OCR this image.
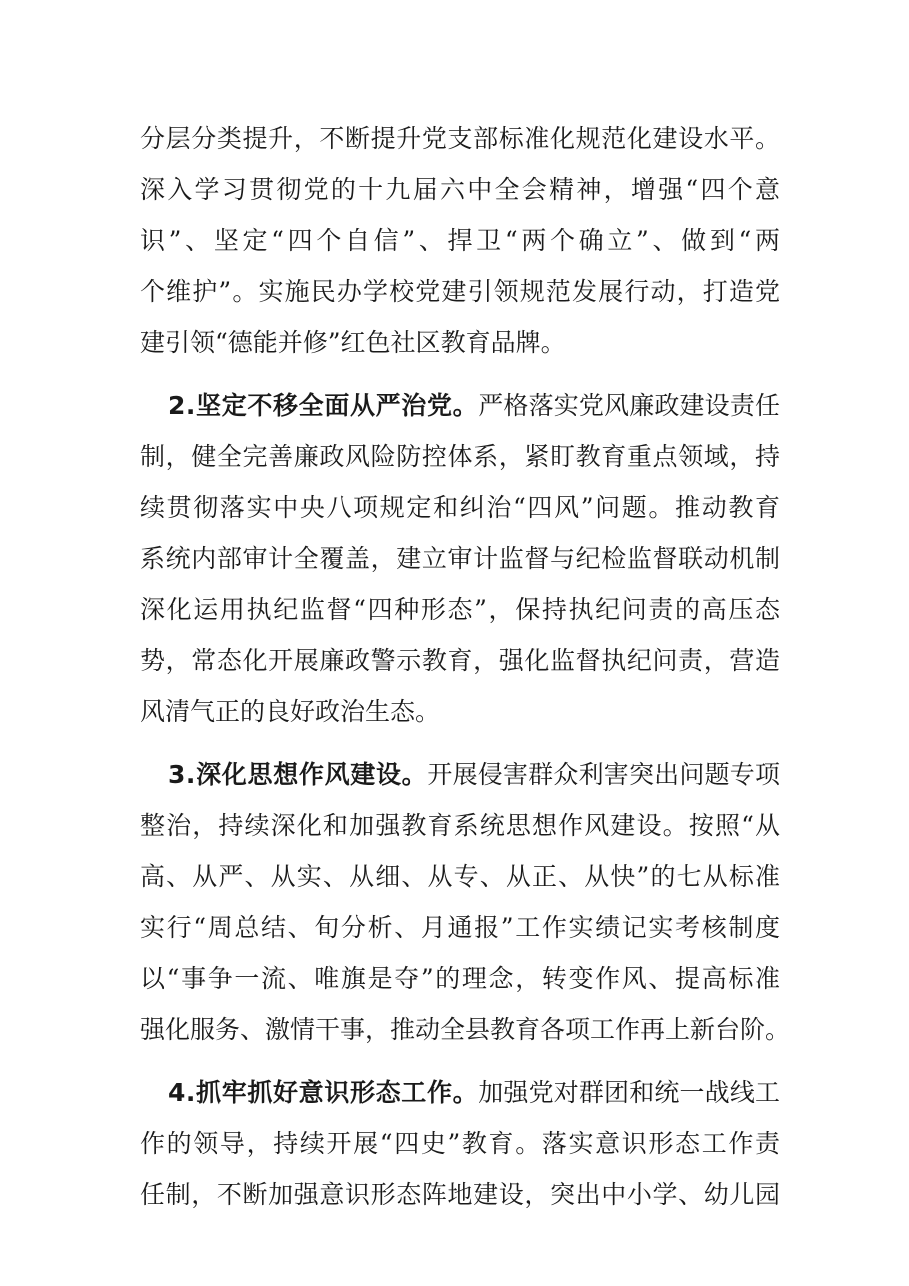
分层分类提升，不断提升党支部标准化规范化建设水平。
深入学习贯彻党的十九届六中全会精神，增强“四个意
识”、坚定“四个自信”、捍卫“两个确立”、做到“两
个维护”。实施民办学校党建引领规范发展行动，打造党
建引领“德能并修”红色社区教育品牌。
2.坚定不移全面从严治党。严格落实党风廉政建设责任
制，健全完善廉政风险防控体系，紧盯教育重点领域，持
续贯彻落实中央八项规定和纠治“四风”问题。推动教育
系统内部审计全覆盖，建立审计监督与纪检监督联动机制
深化运用执纪监督“四种形态”，保持执纪问责的高压态
势，常态化开展廉政警示教育，强化监督执纪问责，营造
风清气正的良好政治生态。
3.深化思想作风建设。开展侵害群众利害突出问题专项
整治，持续深化和加强教育系统思想作风建设。按照“从
高、从严、从实、从细、从专、从正、从快”的七从标准
实行“周总结、旬分析、月通报”工作实绩记实考核制度
以“事争一流、唯旗是夺”的理念，转变作风、提高标准
强化服务、激情干事，推动全县教育各项工作再上新台阶。
4.抓牢抓好意识形态工作。加强党对群团和统一战线工
作的领导，持续开展“四史”教育。落实意识形态工作责
任制，不断加强意识形态阵地建设，突出中小学、幼儿园
